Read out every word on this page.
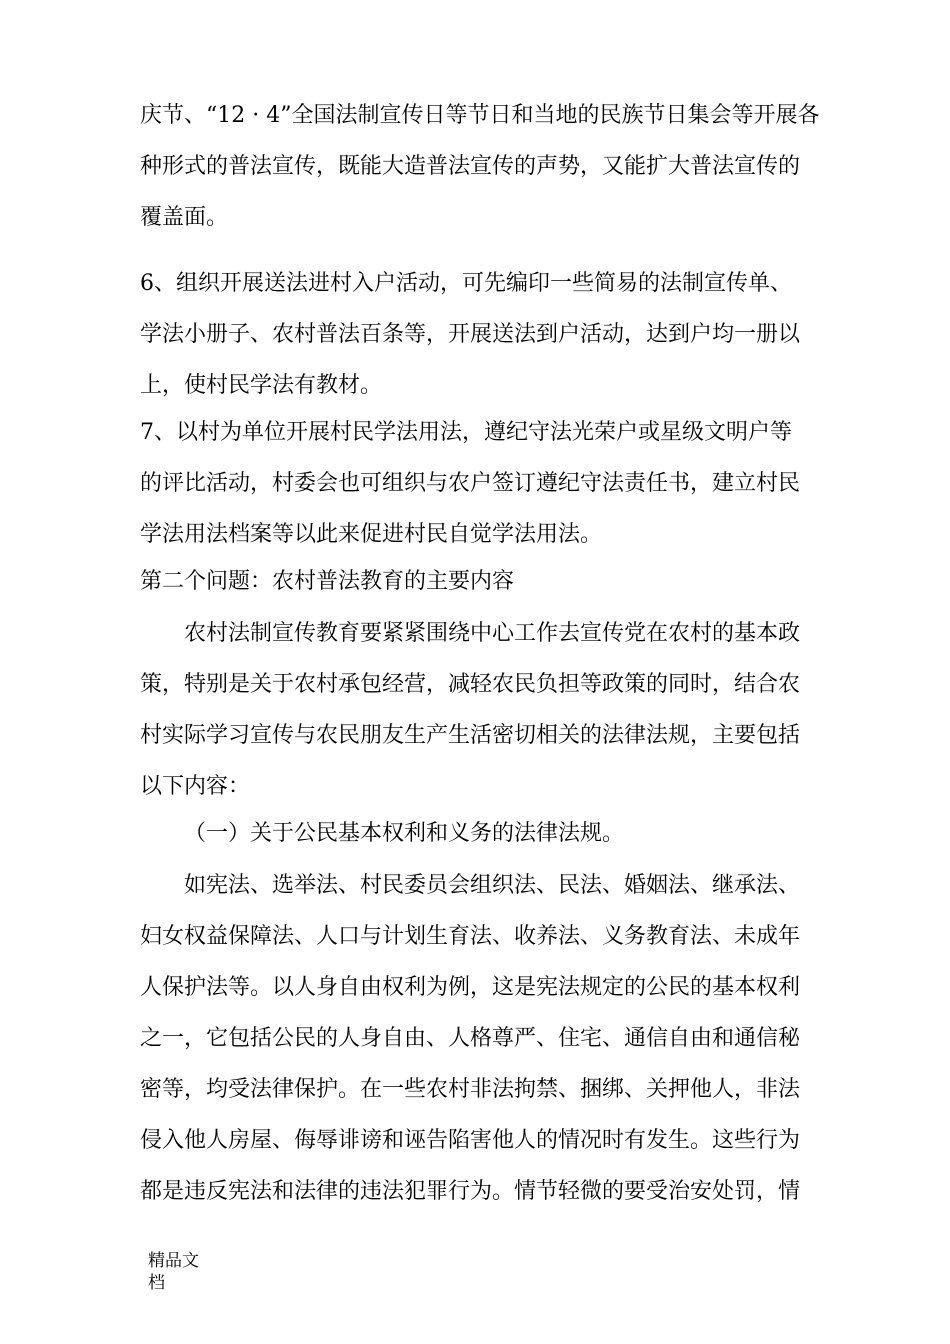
庆节、“12 · 4”全国法制宣传日等节日和当地的民族节日集会等开展各
种形式的普法宣传，既能大造普法宣传的声势，又能扩大普法宣传的
覆盖面。

6、组织开展送法进村入户活动，可先编印一些简易的法制宣传单、
学法小册子、农村普法百条等，开展送法到户活动，达到户均一册以
上，使村民学法有教材。

7、以村为单位开展村民学法用法，遵纪守法光荣户或星级文明户等
的评比活动，村委会也可组织与农户签订遵纪守法责任书，建立村民
学法用法档案等以此来促进村民自觉学法用法。

第二个问题：农村普法教育的主要内容

农村法制宣传教育要紧紧围绕中心工作去宣传党在农村的基本政
策，特别是关于农村承包经营，减轻农民负担等政策的同时，结合农
村实际学习宣传与农民朋友生产生活密切相关的法律法规，主要包括
以下内容：

（一）关于公民基本权利和义务的法律法规。

如宪法、选举法、村民委员会组织法、民法、婚姻法、继承法、
妇女权益保障法、人口与计划生育法、收养法、义务教育法、未成年
人保护法等。以人身自由权利为例，这是宪法规定的公民的基本权利
之一，它包括公民的人身自由、人格尊严、住宅、通信自由和通信秘
密等，均受法律保护。在一些农村非法拘禁、捆绑、关押他人，非法
侵入他人房屋、侮辱诽谤和诬告陷害他人的情况时有发生。这些行为
都是违反宪法和法律的违法犯罪行为。情节轻微的要受治安处罚，情

精品文
档
